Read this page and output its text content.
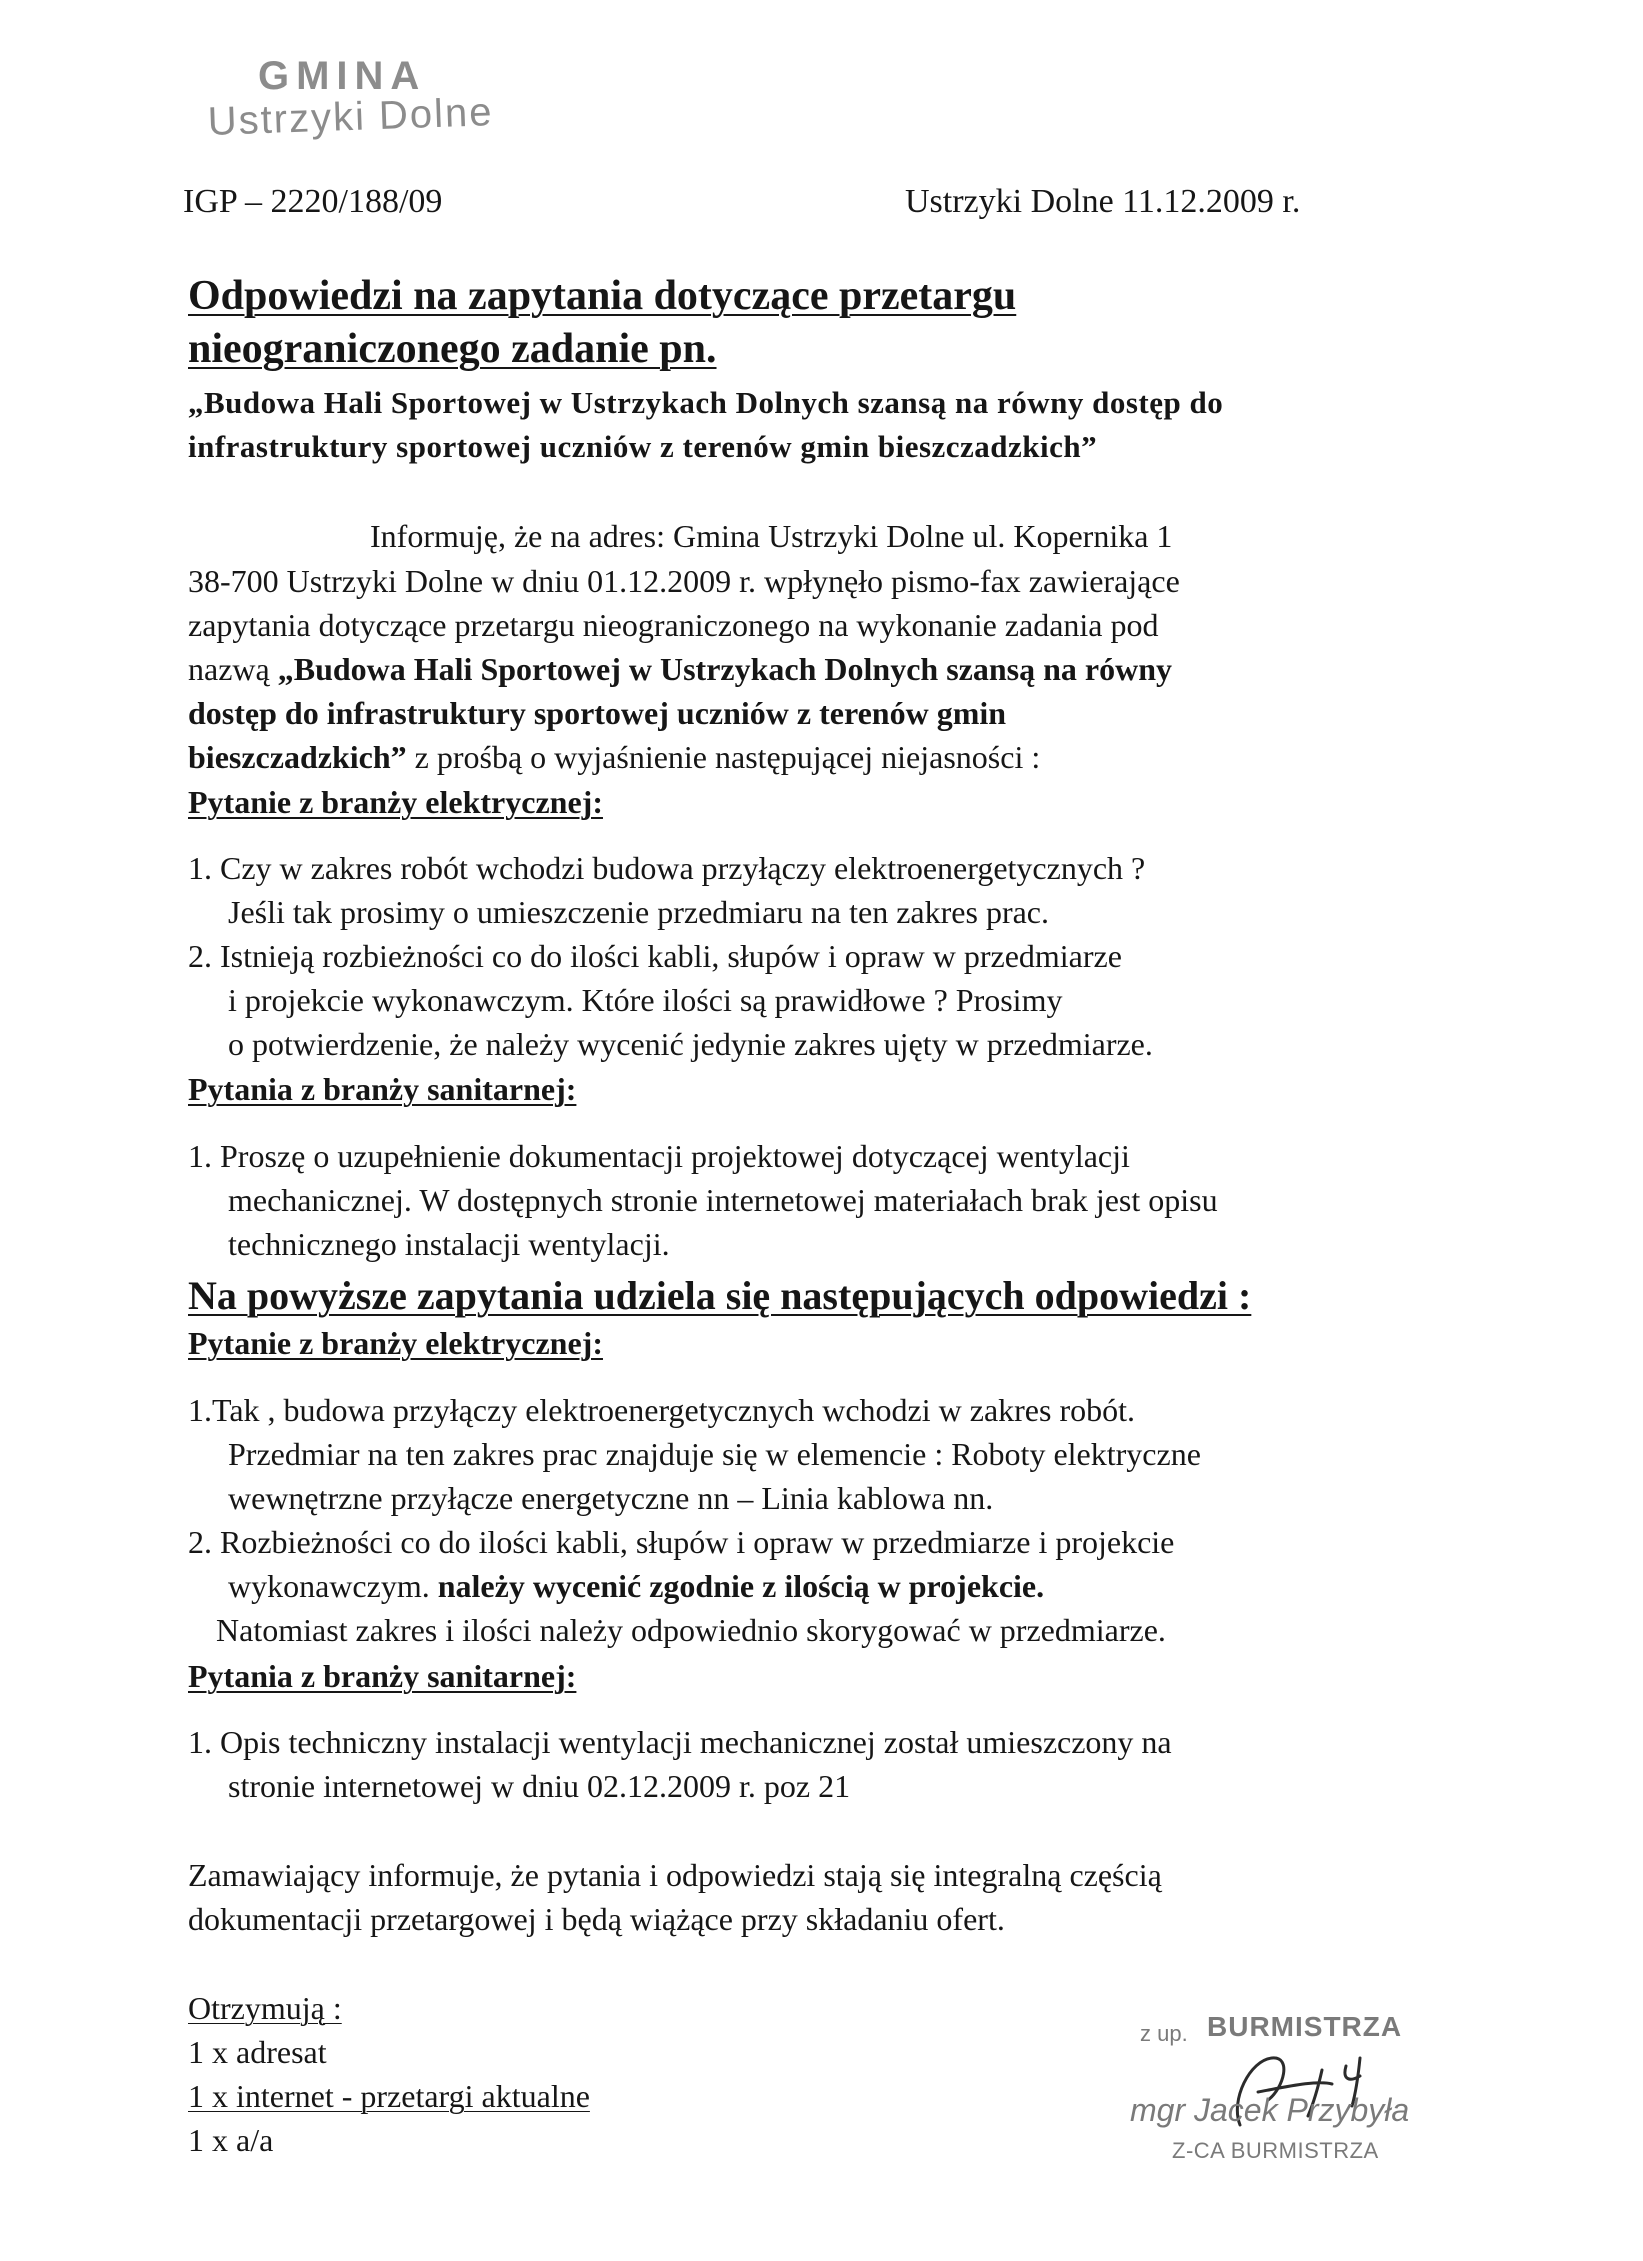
GMINA
Ustrzyki Dolne
IGP – 2220/188/09	Ustrzyki Dolne 11.12.2009 r.
Odpowiedzi na zapytania dotyczące przetargu
nieograniczonego zadanie pn.
„Budowa Hali Sportowej w Ustrzykach Dolnych szansą na równy dostęp do
infrastruktury sportowej uczniów z terenów gmin bieszczadzkich”
Informuję, że na adres: Gmina Ustrzyki Dolne ul. Kopernika 1
38-700 Ustrzyki Dolne w dniu 01.12.2009 r. wpłynęło pismo-fax zawierające
zapytania dotyczące przetargu nieograniczonego na wykonanie zadania pod
nazwą „Budowa Hali Sportowej w Ustrzykach Dolnych szansą na równy
dostęp do infrastruktury sportowej uczniów z terenów gmin
bieszczadzkich” z prośbą o wyjaśnienie następującej niejasności :
Pytanie z branży elektrycznej:
1. Czy w zakres robót wchodzi budowa przyłączy elektroenergetycznych ?
Jeśli tak prosimy o umieszczenie przedmiaru na ten zakres prac.
2. Istnieją rozbieżności co do ilości kabli, słupów i opraw w przedmiarze
i projekcie wykonawczym. Które ilości są prawidłowe ? Prosimy
o potwierdzenie, że należy wycenić jedynie zakres ujęty w przedmiarze.
Pytania z branży sanitarnej:
1. Proszę o uzupełnienie dokumentacji projektowej dotyczącej wentylacji
mechanicznej. W dostępnych stronie internetowej materiałach brak jest opisu
technicznego instalacji wentylacji.
Na powyższe zapytania udziela się następujących odpowiedzi :
Pytanie z branży elektrycznej:
1.Tak , budowa przyłączy elektroenergetycznych wchodzi w zakres robót.
Przedmiar na ten zakres prac znajduje się w elemencie : Roboty elektryczne
wewnętrzne przyłącze energetyczne nn – Linia kablowa nn.
2. Rozbieżności co do ilości kabli, słupów i opraw w przedmiarze i projekcie
wykonawczym. należy wycenić zgodnie z ilością w projekcie.
Natomiast zakres i ilości należy odpowiednio skorygować w przedmiarze.
Pytania z branży sanitarnej:
1. Opis techniczny instalacji wentylacji mechanicznej został umieszczony na
stronie internetowej w dniu 02.12.2009 r. poz 21
Zamawiający informuje, że pytania i odpowiedzi stają się integralną częścią
dokumentacji przetargowej i będą wiążące przy składaniu ofert.
Otrzymują :
1 x adresat
1 x internet - przetargi aktualne
1 x a/a
z up. BURMISTRZA
mgr Jacek Przybyła
Z-CA BURMISTRZA
